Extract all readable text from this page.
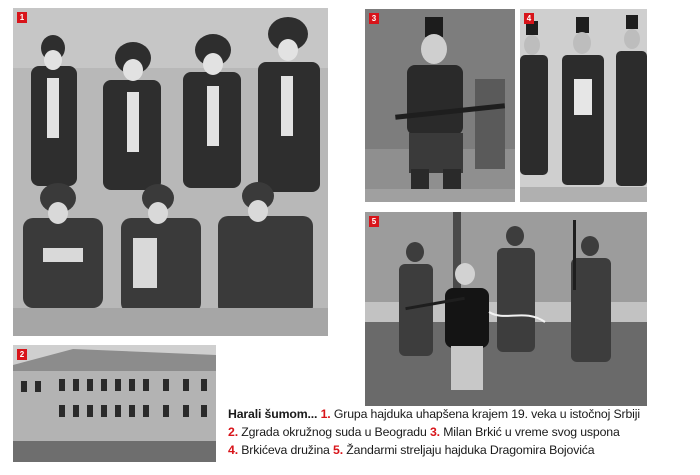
1
2
3	4
5
Harali šumom... 1. Grupa hajduka uhapšena krajem 19. veka u istočnoj Srbiji
2. Zgrada okružnog suda u Beogradu 3. Milan Brkić u vreme svog uspona
4. Brkićeva družina 5. Žandarmi streljaju hajduka Dragomira Bojovića
